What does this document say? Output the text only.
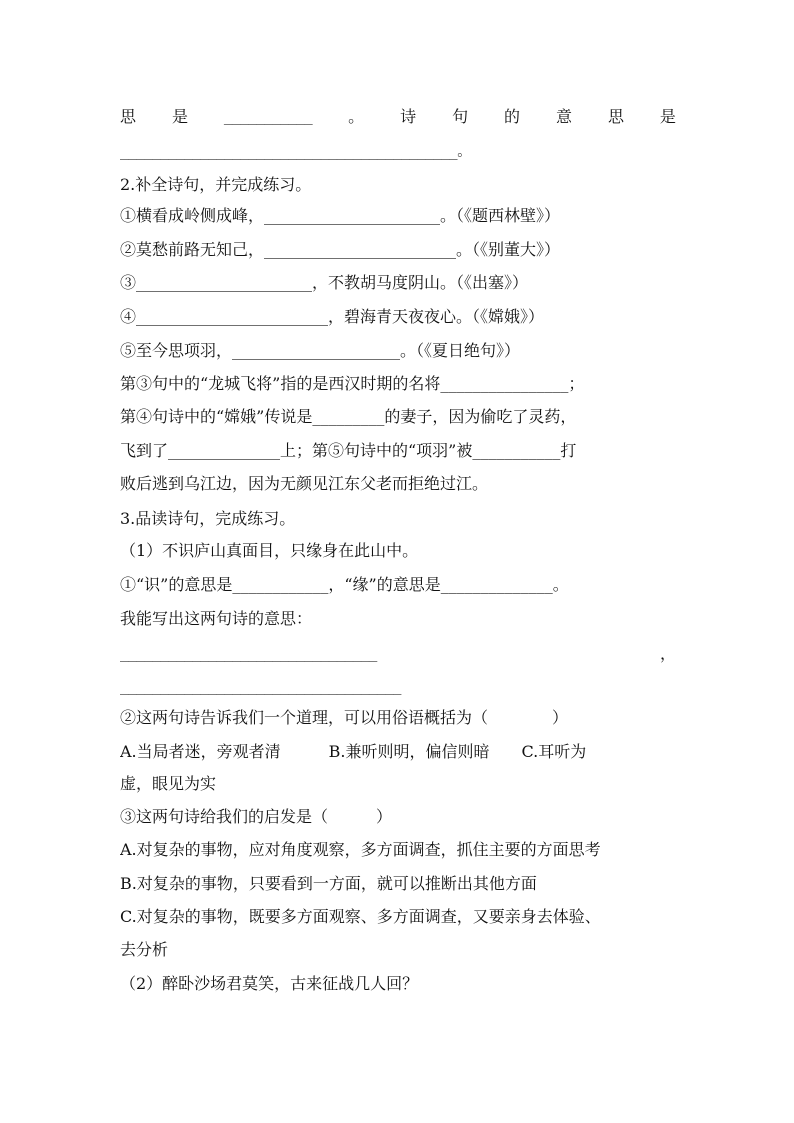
思 是	___________ 。 诗 句 的 意 思 是
__________________________________________。
2.补全诗句，并完成练习。
①横看成岭侧成峰，______________________。（《题西林壁》）
②莫愁前路无知己，________________________。（《别董大》）
③______________________，不教胡马度阴山。（《出塞》）
④________________________，碧海青天夜夜心。（《嫦娥》）
⑤至今思项羽，_____________________。（《夏日绝句》）
第③句中的“龙城飞将”指的是西汉时期的名将________________；
第④句诗中的“嫦娥”传说是_________的妻子，因为偷吃了灵药，
飞到了______________上；第⑤句诗中的“项羽”被___________打
败后逃到乌江边，因为无颜见江东父老而拒绝过江。
3.品读诗句，完成练习。
（1）不识庐山真面目，只缘身在此山中。
①“识”的意思是____________，“缘”的意思是______________。
我能写出这两句诗的意思：
________________________________	，
___________________________________
②这两句诗告诉我们一个道理，可以用俗语概括为（　　　　）
A.当局者迷，旁观者清　　　B.兼听则明，偏信则暗　　C.耳听为
虚，眼见为实
③这两句诗给我们的启发是（　　　）
A.对复杂的事物，应对角度观察，多方面调查，抓住主要的方面思考
B.对复杂的事物，只要看到一方面，就可以推断出其他方面
C.对复杂的事物，既要多方面观察、多方面调查，又要亲身去体验、
去分析
（2）醉卧沙场君莫笑，古来征战几人回？
